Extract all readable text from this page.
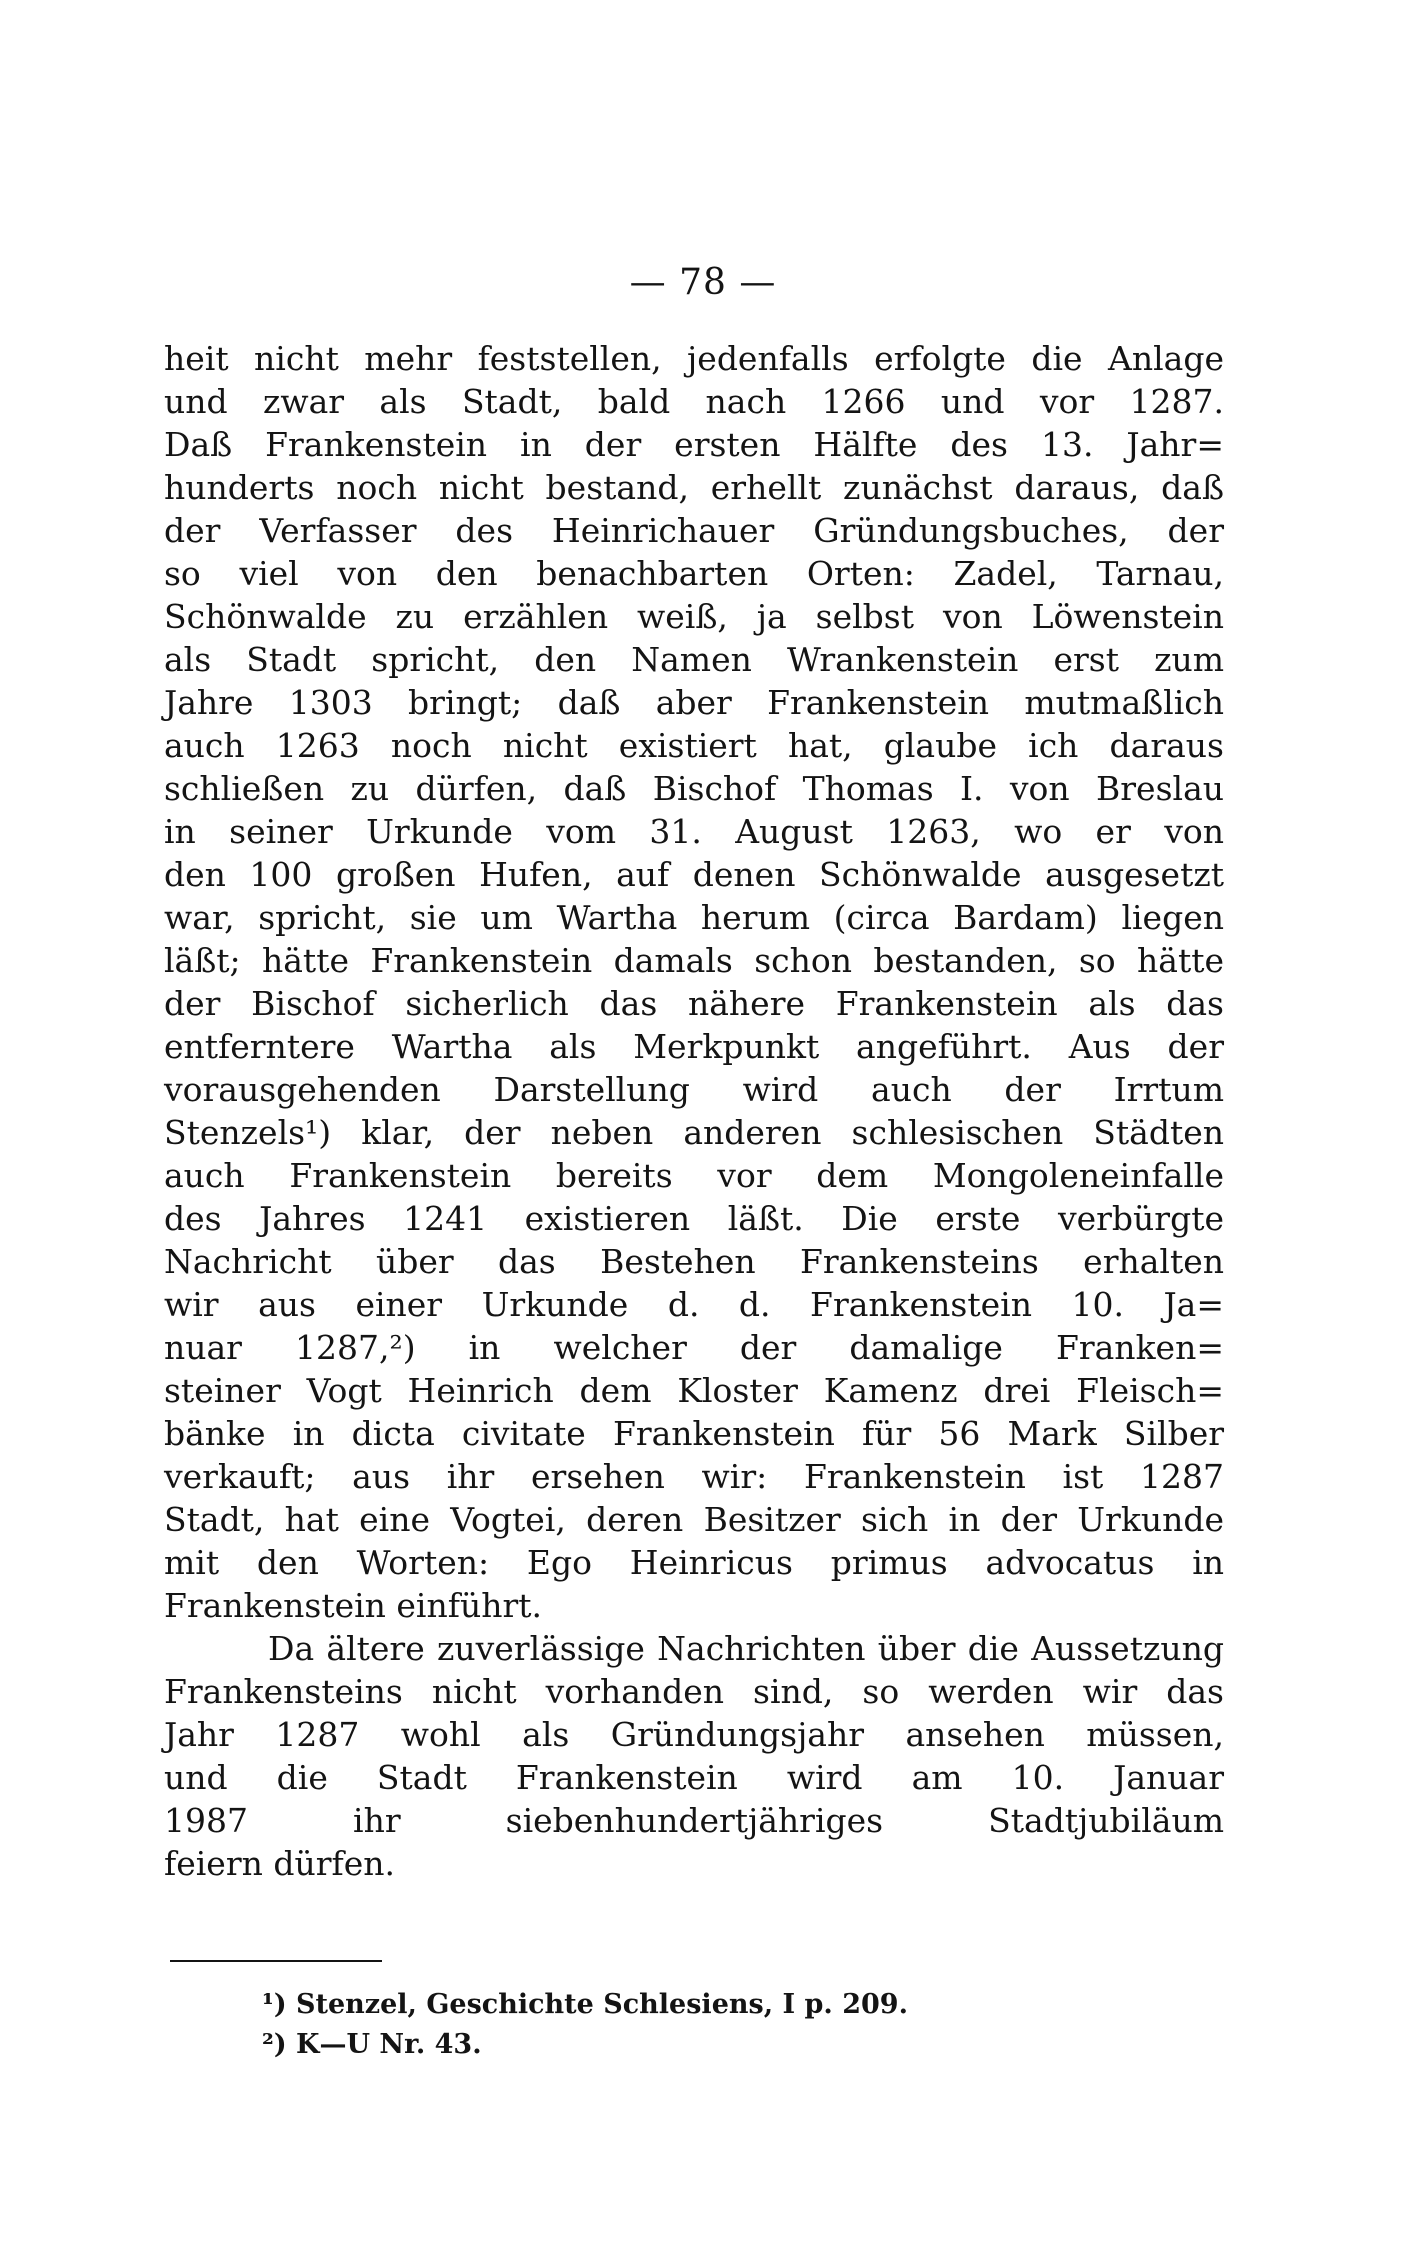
— 78 —
heit nicht mehr feststellen, jedenfalls erfolgte die Anlage
und zwar als Stadt, bald nach 1266 und vor 1287.
Daß Frankenstein in der ersten Hälfte des 13. Jahr=
hunderts noch nicht bestand, erhellt zunächst daraus, daß
der Verfasser des Heinrichauer Gründungsbuches, der
so viel von den benachbarten Orten: Zadel, Tarnau,
Schönwalde zu erzählen weiß, ja selbst von Löwenstein
als Stadt spricht, den Namen Wrankenstein erst zum
Jahre 1303 bringt; daß aber Frankenstein mutmaßlich
auch 1263 noch nicht existiert hat, glaube ich daraus
schließen zu dürfen, daß Bischof Thomas I. von Breslau
in seiner Urkunde vom 31. August 1263, wo er von
den 100 großen Hufen, auf denen Schönwalde ausgesetzt
war, spricht, sie um Wartha herum (circa Bardam) liegen
läßt; hätte Frankenstein damals schon bestanden, so hätte
der Bischof sicherlich das nähere Frankenstein als das
entferntere Wartha als Merkpunkt angeführt. Aus der
vorausgehenden Darstellung wird auch der Irrtum
Stenzels¹) klar, der neben anderen schlesischen Städten
auch Frankenstein bereits vor dem Mongoleneinfalle
des Jahres 1241 existieren läßt. Die erste verbürgte
Nachricht über das Bestehen Frankensteins erhalten
wir aus einer Urkunde d. d. Frankenstein 10. Ja=
nuar 1287,²) in welcher der damalige Franken=
steiner Vogt Heinrich dem Kloster Kamenz drei Fleisch=
bänke in dicta civitate Frankenstein für 56 Mark Silber
verkauft; aus ihr ersehen wir: Frankenstein ist 1287
Stadt, hat eine Vogtei, deren Besitzer sich in der Urkunde
mit den Worten: Ego Heinricus primus advocatus in
Frankenstein einführt.
Da ältere zuverlässige Nachrichten über die Aussetzung
Frankensteins nicht vorhanden sind, so werden wir das
Jahr 1287 wohl als Gründungsjahr ansehen müssen,
und die Stadt Frankenstein wird am 10. Januar
1987 ihr siebenhundertjähriges Stadtjubiläum
feiern dürfen.
¹) Stenzel, Geschichte Schlesiens, I p. 209.
²) K—U Nr. 43.
